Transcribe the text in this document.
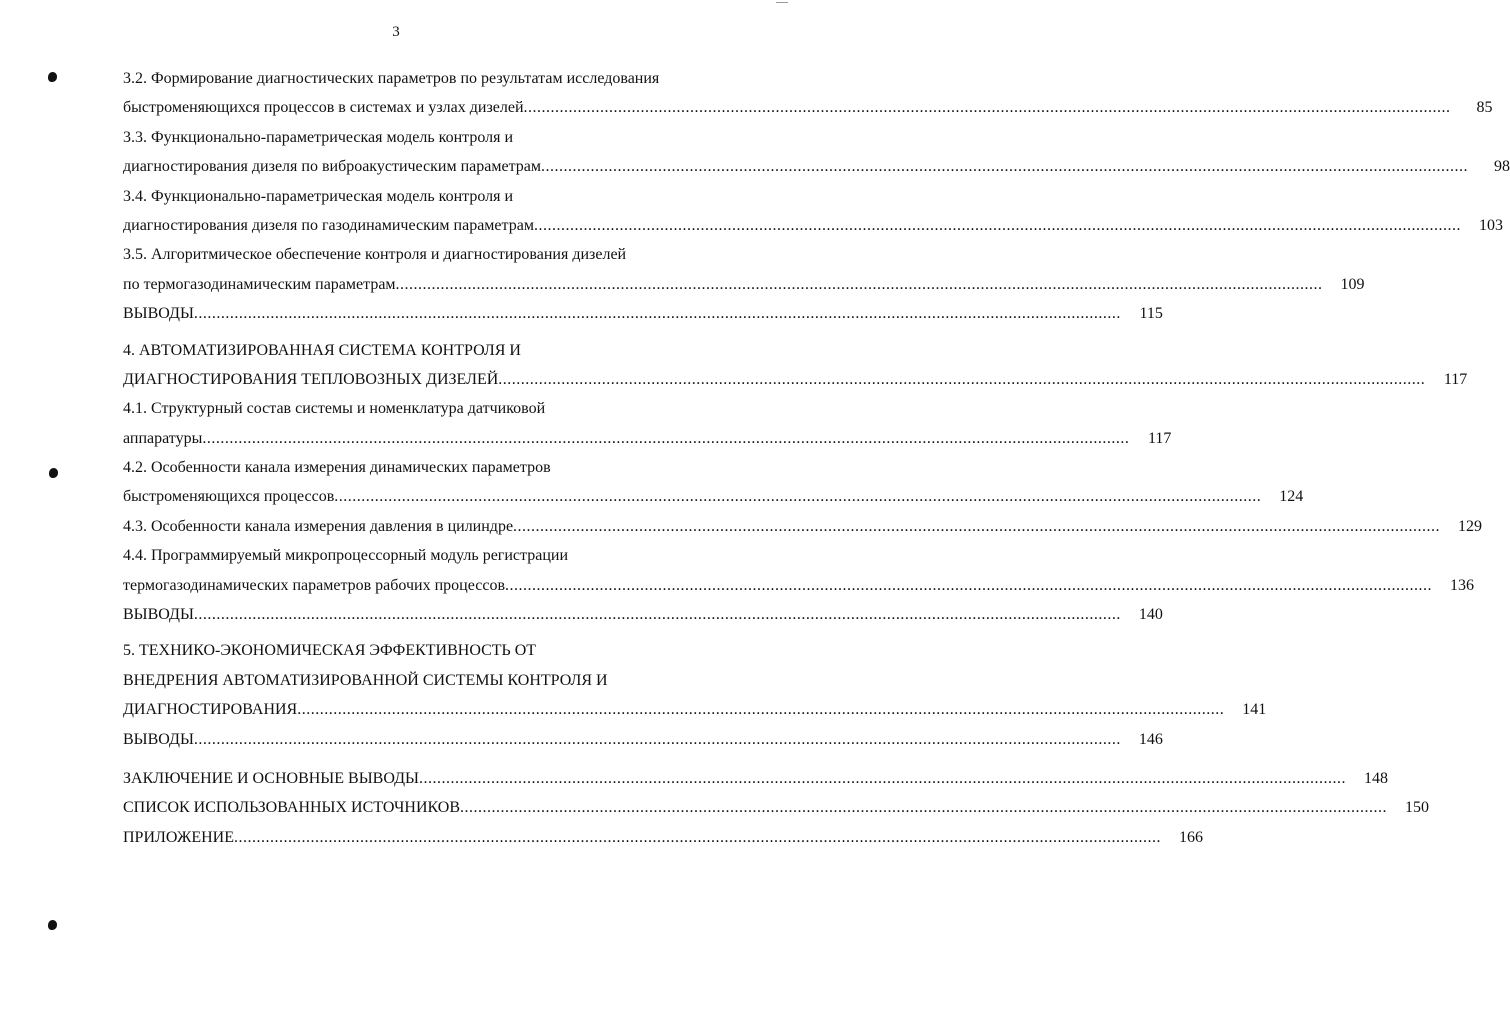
3
3.2. Формирование диагностических параметров по результатам исследования
быстроменяющихся процессов в системах и узлах дизелей ..............................................................................................................................................................................................................	85
3.3. Функционально-параметрическая модель контроля и
диагностирования дизеля по виброакустическим параметрам ..............................................................................................................................................................................................................	98
3.4. Функционально-параметрическая модель контроля и
диагностирования дизеля по газодинамическим параметрам ..............................................................................................................................................................................................................	103
3.5. Алгоритмическое обеспечение контроля и диагностирования дизелей
по термогазодинамическим параметрам ..............................................................................................................................................................................................................	109
ВЫВОДЫ ..............................................................................................................................................................................................................	115
4. АВТОМАТИЗИРОВАННАЯ СИСТЕМА КОНТРОЛЯ И
ДИАГНОСТИРОВАНИЯ ТЕПЛОВОЗНЫХ ДИЗЕЛЕЙ ..............................................................................................................................................................................................................	117
4.1. Структурный состав системы и номенклатура датчиковой
аппаратуры ..............................................................................................................................................................................................................	117
4.2. Особенности канала измерения динамических параметров
быстроменяющихся процессов ..............................................................................................................................................................................................................	124
4.3. Особенности канала измерения давления в цилиндре ..............................................................................................................................................................................................................	129
4.4. Программируемый микропроцессорный модуль регистрации
термогазодинамических параметров рабочих процессов ..............................................................................................................................................................................................................	136
ВЫВОДЫ ..............................................................................................................................................................................................................	140
5. ТЕХНИКО-ЭКОНОМИЧЕСКАЯ ЭФФЕКТИВНОСТЬ ОТ
ВНЕДРЕНИЯ АВТОМАТИЗИРОВАННОЙ СИСТЕМЫ КОНТРОЛЯ И
ДИАГНОСТИРОВАНИЯ ..............................................................................................................................................................................................................	141
ВЫВОДЫ ..............................................................................................................................................................................................................	146
ЗАКЛЮЧЕНИЕ И ОСНОВНЫЕ ВЫВОДЫ ..............................................................................................................................................................................................................	148
СПИСОК ИСПОЛЬЗОВАННЫХ ИСТОЧНИКОВ ..............................................................................................................................................................................................................	150
ПРИЛОЖЕНИЕ ..............................................................................................................................................................................................................	166
